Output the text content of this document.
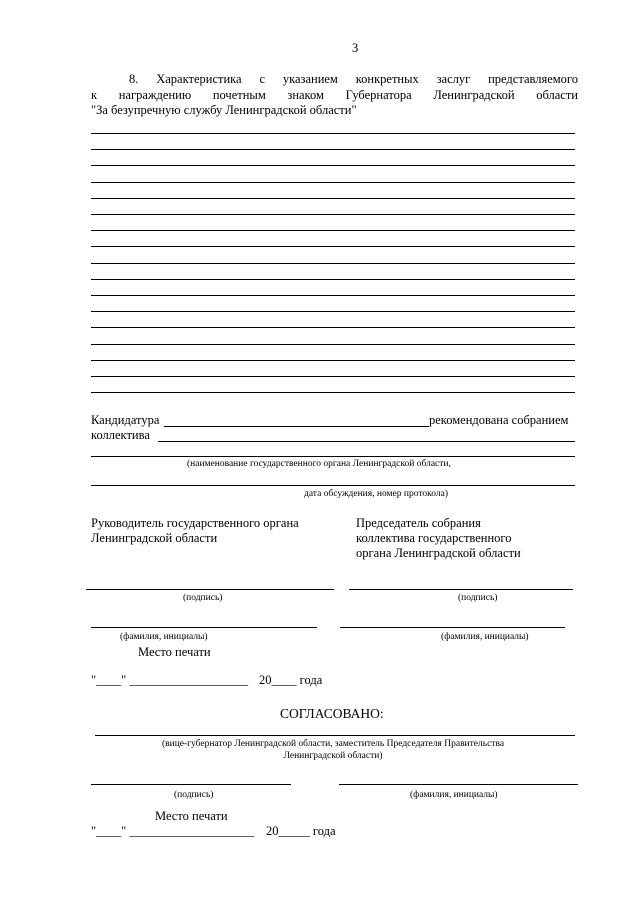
3
8. Характеристика с указанием конкретных заслуг представляемого
к награждению почетным знаком Губернатора Ленинградской области
"За безупречную службу Ленинградской области"
Кандидатура	рекомендована собранием
коллектива
(наименование государственного органа Ленинградской области,
дата обсуждения, номер протокола)
Руководитель государственного органа
Ленинградской области
Председатель собрания
коллектива государственного
органа Ленинградской области
(подпись)	(подпись)
(фамилия, инициалы)	(фамилия, инициалы)
Место печати
"____" ___________________ 20____ года
СОГЛАСОВАНО:
(вице-губернатор Ленинградской области, заместитель Председателя Правительства
Ленинградской области)
(подпись)	(фамилия, инициалы)
Место печати
"____" ____________________ 20_____ года
